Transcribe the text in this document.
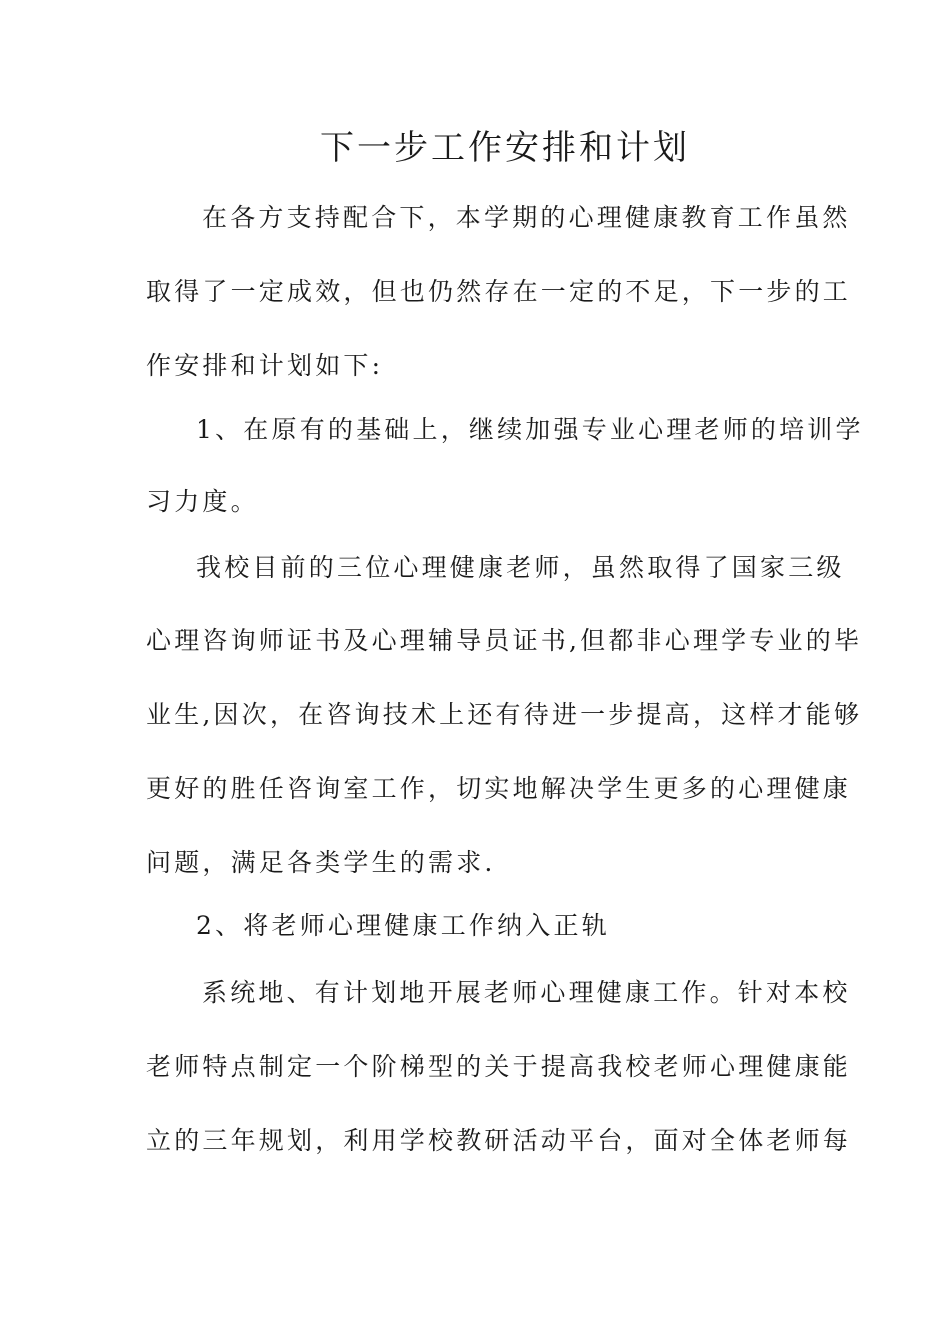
下一步工作安排和计划

在各方支持配合下，本学期的心理健康教育工作虽然

取得了一定成效，但也仍然存在一定的不足，下一步的工

作安排和计划如下:

1、在原有的基础上，继续加强专业心理老师的培训学

习力度。

我校目前的三位心理健康老师，虽然取得了国家三级

心理咨询师证书及心理辅导员证书,但都非心理学专业的毕

业生,因次，在咨询技术上还有待进一步提高，这样才能够

更好的胜任咨询室工作，切实地解决学生更多的心理健康

问题，满足各类学生的需求.

2、将老师心理健康工作纳入正轨

系统地、有计划地开展老师心理健康工作。针对本校

老师特点制定一个阶梯型的关于提高我校老师心理健康能

立的三年规划，利用学校教研活动平台，面对全体老师每
